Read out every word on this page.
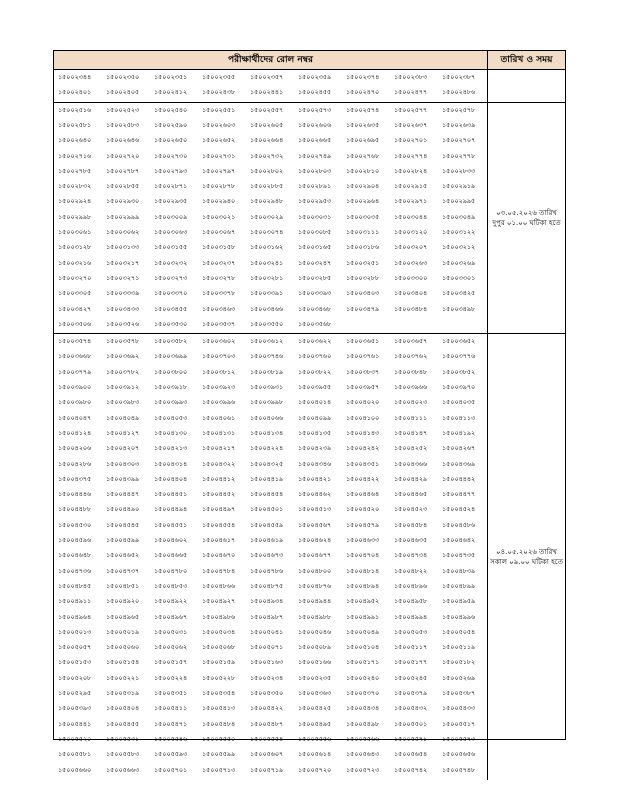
পরীক্ষার্থীদের রোল নম্বর	তারিখ ও সময়
১৫০০২৩৪৪	১৫০০২৩৫০	১৫০০২৩৫১	১৫০০২৩৫৫	১৫০০২৩৫৭	১৫০০২৩৫৯	১৫০০২৩৭৪	১৫০০২৩৮৩	১৫০০২৩৮৭
১৫০০২৪০১	১৫০০২৪০৫	১৫০০২৪১২	১৫০০২৪৩৮	১৫০০২৪৪১	১৫০০২৪৫৫	১৫০০২৪৭০	১৫০০২৪৭৭	১৫০০২৪৮৬
১৫০০২৫১৬	১৫০০২৫২৩	১৫০০২৫৪০	১৫০০২৫৫১	১৫০০২৫৫৭	১৫০০২৫৭৩	১৫০০২৫৭৪	১৫০০২৫৭৭	১৫০০২৫৭৮
১৫০০২৫৮১	১৫০০২৫৮৩	১৫০০২৫৯০	১৫০০২৬০৩	১৫০০২৬০৫	১৫০০২৬০৬	১৫০০২৬৩৫	১৫০০২৬৩৭	১৫০০২৬৩৯
১৫০০২৬৪০	১৫০০২৬৪৬	১৫০০২৬৫০	১৫০০২৬৫২	১৫০০২৬৬৪	১৫০০২৬৬৫	১৫০০২৬৯৫	১৫০০২৭০১	১৫০০২৭০৭
১৫০০২৭১৬	১৫০০২৭২০	১৫০০২৭৩০	১৫০০২৭৩১	১৫০০২৭৩২	১৫০০২৭৪৯	১৫০০২৭৬৮	১৫০০২৭৭৪	১৫০০২৭৭৮
১৫০০২৭৮৫	১৫০০২৭৮৭	১৫০০২৭৯৩	১৫০০২৭৯৭	১৫০০২৮০২	১৫০০২৮০৩	১৫০০২৮১০	১৫০০২৮২৪	১৫০০২৮৩৩
১৫০০২৮৩২	১৫০০২৮৫৫	১৫০০২৮৭১	১৫০০২৮৭৮	১৫০০২৮৮৫	১৫০০২৮৯১	১৫০০২৯০৪	১৫০০২৯১৫	১৫০০২৯১৯
১৫০০২৯২৪	১৫০০২৯৩০	১৫০০২৯৩৫	১৫০০২৯৪০	১৫০০২৯৪৮	১৫০০২৯৫৩	১৫০০২৯৬৪	১৫০০২৯৭১	১৫০০২৯৯৫
১৫০০২৯৯৮	১৫০০২৯৯৯	১৫০০৩০০৯	১৫০০৩০২১	১৫০০৩০২৯	১৫০০৩০৩১	১৫০০৩০৩৫	১৫০০৩০৪৪	১৫০০৩০৪৯
১৫০০৩০৬১	১৫০০৩০৬২	১৫০০৩০৬৩	১৫০০৩০৬৭	১৫০০৩০৭৪	১৫০০৩০৮৫	১৫০০৩১১১	১৫০০৩১২০	১৫০০৩১২২
১৫০০৩১২৮	১৫০০৩১৩৩	১৫০০৩১৫৫	১৫০০৩১৫৮	১৫০০৩১৬২	১৫০০৩১৬৫	১৫০০৩১৮৬	১৫০০৩২০৭	১৫০০৩২১২
১৫০০৩২১৬	১৫০০৩২১৭	১৫০০৩২৩২	১৫০০৩২৩৭	১৫০০৩২৪১	১৫০০৩২৪৭	১৫০০৩২৫১	১৫০০৩২৬৩	১৫০০৩২৬৯
১৫০০৩২৭০	১৫০০৩২৭১	১৫০০৩২৭৩	১৫০০৩২৭৮	১৫০০৩২৮১	১৫০০৩২৮৫	১৫০০৩২৮৮	১৫০০৩৩০০	১৫০০৩৩০১
১৫০০৩৩০৫	১৫০০৩৩৩৯	১৫০০৩৩৭০	১৫০০৩৩৭৮	১৫০০৩৩৯১	১৫০০৩৩৯৩	১৫০০৩৪০৩	১৫০০৩৪০৪	১৫০০৩৪২৫
১৫০০৩৪২৭	১৫০০৩৪৩৩	১৫০০৩৪৫৫	১৫০০৩৪৬৩	১৫০০৩৪৬৬	১৫০০৩৪৬৮	১৫০০৩৪৭৯	১৫০০৩৪৮৪	১৫০০৩৪৯৮
১৫০০৩৫০৬	১৫০০৩৫২৬	১৫০০৩৫৩০	১৫০০৩৫৩৭	১৫০০৩৫৫০	১৫০০৩৫৬৮
০৩.০৫.২০২৬ তারিখ
দুপুর ০১.০০ ঘটিকা হতে
১৫০০৩৫৭৪	১৫০০৩৫৭৮	১৫০০৩৫৮২	১৫০০৩৬০২	১৫০০৩৬১২	১৫০০৩৬২২	১৫০০৩৬৫১	১৫০০৩৬৫৭	১৫০০৩৬৫২
১৫০০৩৬৬৮	১৫০০৩৬৯২	১৫০০৩৬৯৯	১৫০০৩৭০৩	১৫০০৩৭৪৬	১৫০০৩৭৬০	১৫০০৩৭৬১	১৫০০৩৭৬২	১৫০০৩৭৭৬
১৫০০৩৭৭৯	১৫০০৩৭৮২	১৫০০৩৮০০	১৫০০৩৮১২	১৫০০৩৮১৯	১৫০০৩৮২২	১৫০০৩৮৩৭	১৫০০৩৮৪৮	১৫০০৩৮৫২
১৫০০৩৯০০	১৫০০৩৯১২	১৫০০৩৯১৮	১৫০০৩৯২৩	১৫০০৩৯৩১	১৫০০৩৯৫৫	১৫০০৩৯৫৭	১৫০০৩৯৬৬	১৫০০৩৯৭০
১৫০০৩৯৮০	১৫০০৩৯৮৩	১৫০০৩৯৯৩	১৫০০৩৯৯৬	১৫০০৩৯৯৮	১৫০০৪০১৪	১৫০০৪০২০	১৫০০৪০২৩	১৫০০৪০৩৫
১৫০০৪০৪৭	১৫০০৪০৪৯	১৫০০৪০৫৩	১৫০০৪০৬১	১৫০০৪০৬৬	১৫০০৪০৯৯	১৫০০৪১০০	১৫০০৪১১১	১৫০০৪১১৩
১৫০০৪১২৪	১৫০০৪১২৭	১৫০০৪১৩০	১৫০০৪১৩১	১৫০০৪১৩৪	১৫০০৪১৩৫	১৫০০৪১৪৩	১৫০০৪১৪৭	১৫০০৪১৯২
১৫০০৪২০৬	১৫০০৪২০৭	১৫০০৪২১৩	১৫০০৪২১৭	১৫০০৪২২৪	১৫০০৪২৩৯	১৫০০৪২৪২	১৫০০৪২৫২	১৫০০৪২৬৭
১৫০০৪২৮৬	১৫০০৪৩০৩	১৫০০৪৩১৪	১৫০০৪৩২২	১৫০০৪৩২৫	১৫০০৪৩৪৬	১৫০০৪৩৫১	১৫০০৪৩৬৬	১৫০০৪৩৬৯
১৫০০৪৩৭৫	১৫০০৪৩৯৯	১৫০০৪৪০৪	১৫০০৪৪১২	১৫০০৪৪১৯	১৫০০৪৪২১	১৫০০৪৪২২	১৫০০৪৪২৯	১৫০০৪৪৪২
১৫০০৪৪৪৬	১৫০০৪৪৪৭	১৫০০৪৪৫১	১৫০০৪৪৫২	১৫০০৪৪৫৪	১৫০০৪৪৬২	১৫০০৪৪৬৪	১৫০০৪৪৬৫	১৫০০৪৪৭৭
১৫০০৪৪৮৮	১৫০০৪৪৯০	১৫০০৪৪৯৪	১৫০০৪৪৯৭	১৫০০৪৫০১	১৫০০৪৫১৩	১৫০০৪৫২০	১৫০০৪৫২৩	১৫০০৪৫২৪
১৫০০৪৫৩০	১৫০০৪৫৪৫	১৫০০৪৫৫১	১৫০০৪৫৫৪	১৫০০৪৫৫৯	১৫০০৪৫৬৭	১৫০০৪৫৭৯	১৫০০৪৫৮৪	১৫০০৪৫৮৬
১৫০০৪৫৯৬	১৫০০৪৫৯৯	১৫০০৪৬০২	১৫০০৪৬১৭	১৫০০৪৬১৯	১৫০০৪৬২৪	১৫০০৪৬৩৩	১৫০০৪৬৩৫	১৫০০৪৬৪২
১৫০০৪৬৪৮	১৫০০৪৬৫২	১৫০০৪৬৬৫	১৫০০৪৬৭০	১৫০০৪৬৭৩	১৫০০৪৬৭৭	১৫০০৪৭০৪	১৫০০৪৭৩৪	১৫০০৪৭৩৫
১৫০০৪৭৩৬	১৫০০৪৭৩৭	১৫০০৪৭৮০	১৫০০৪৭৮৪	১৫০০৪৭৮৬	১৫০০৪৮০০	১৫০০৪৮১৪	১৫০০৪৮২২	১৫০০৪৮৩৯
১৫০০৪৮৪৫	১৫০০৪৮৫১	১৫০০৪৮৫৩	১৫০০৪৮৬৬	১৫০০৪৮৭৫	১৫০০৪৮৭৬	১৫০০৪৮৯৪	১৫০০৪৮৯৬	১৫০০৪৮৯৯
১৫০০৪৯১১	১৫০০৪৯২০	১৫০০৪৯২২	১৫০০৪৯২৭	১৫০০৪৯৩৪	১৫০০৪৯৪৪	১৫০০৪৯৫২	১৫০০৪৯৫৮	১৫০০৪৯৫৯
১৫০০৪৯৬৪	১৫০০৪৯৬৫	১৫০০৪৯৬৭	১৫০০৪৯৮৬	১৫০০৪৯৮৭	১৫০০৪৯৮৮	১৫০০৪৯৯১	১৫০০৪৯৯৪	১৫০০৪৯৯৬
১৫০০৫০১৩	১৫০০৫০১৯	১৫০০৫০৩১	১৫০০৫০৩৪	১৫০০৫০৪১	১৫০০৫০৪৬	১৫০০৫০৪৯	১৫০০৫০৫৩	১৫০০৫০৫৪
১৫০০৫০৫৭	১৫০০৫০৬০	১৫০০৫০৬২	১৫০০৫০৬৮	১৫০০৫০৭১	১৫০০৫০৮৯	১৫০০৫১০৪	১৫০০৫১১৭	১৫০০৫১১৯
১৫০০৫১৫৩	১৫০০৫১৫৪	১৫০০৫১৫৭	১৫০০৫১৫৯	১৫০০৫১৬৩	১৫০০৫১৬৬	১৫০০৫১৭১	১৫০০৫১৭৭	১৫০০৫১৮২
১৫০০৫২০৮	১৫০০৫২২১	১৫০০৫২২৪	১৫০০৫২২৮	১৫০০৫২৩৪	১৫০০৫২৩৫	১৫০০৫২৪০	১৫০০৫২৪৫	১৫০০৫২৬৯
১৫০০৫২৯৫	১৫০০৫৩১৯	১৫০০৫৩৫১	১৫০০৫৩৫৪	১৫০০৫৩৫০	১৫০০৫৩৬৩	১৫০০৫৩৭০	১৫০০৫৩৭৯	১৫০০৫৩৮৭
১৫০০৫৩৯৩	১৫০০৫৪০৪	১৫০০৫৪১১	১৫০০৫৪১৩	১৫০০৫৪২২	১৫০০৫৪২৫	১৫০০৫৪৩৪	১৫০০৫৪৩২	১৫০০৫৪৩৩
১৫০০৫৪৪১	১৫০০৫৪৫৫	১৫০০৫৪৭১	১৫০০৫৪৮৪	১৫০০৫৪৮৭	১৫০০৫৪৯৫	১৫০০৫৪৯৮	১৫০০৫৫০১	১৫০০৫৫১৭
১৫০০৫৫২০	১৫০০৫৫৩১	১৫০০৫৫৪৬	১৫০০৫৫৫০	১৫০০৫৫৫৪	১৫০০৫৫৫৬	১৫০০৫৫৬৬	১৫০০৫৫৭১	১৫০০৫৫৭৩
১৫০০৫৫৮১	১৫০০৫৫৮৩	১৫০০৫৫৯৩	১৫০০৫৫৯৯	১৫০০৫৬০৭	১৫০০৫৬১৪	১৫০০৫৬৪৩	১৫০০৫৬৫৪	১৫০০৫৬৫৬
১৫০০৫৬৬০	১৫০০৫৬৬৩	১৫০০৫৭০১	১৫০০৫৭১৩	১৫০০৫৭১৯	১৫০০৫৭২০	১৫০০৫৭২৩	১৫০০৫৭৪২	১৫০০৫৭৪৮
০৪.০৫.২০২৬ তারিখ
সকাল ০৯.০০ ঘটিকা হতে
